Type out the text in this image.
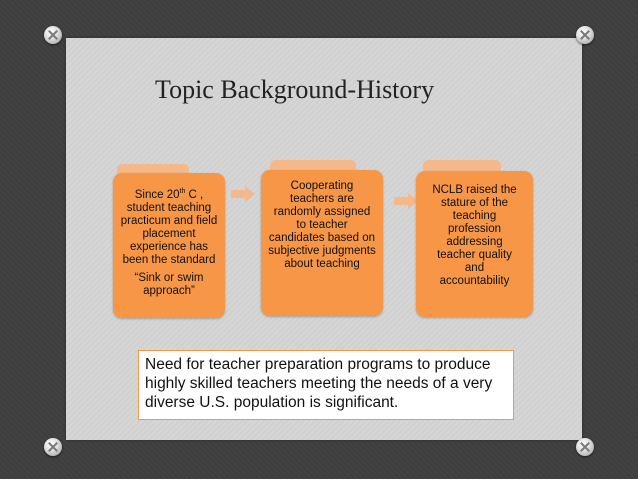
Topic Background-History

Since 20th C ,

student teaching

practicum and field

placement

experience has

been the standard

“Sink or swim

approach”

Cooperating

teachers are

randomly assigned

to teacher

candidates based on

subjective judgments

about teaching

NCLB raised the

stature of the

teaching

profession

addressing

teacher quality

and

accountability

Need for teacher preparation programs to produce
highly skilled teachers meeting the needs of a very
diverse U.S. population is significant.
